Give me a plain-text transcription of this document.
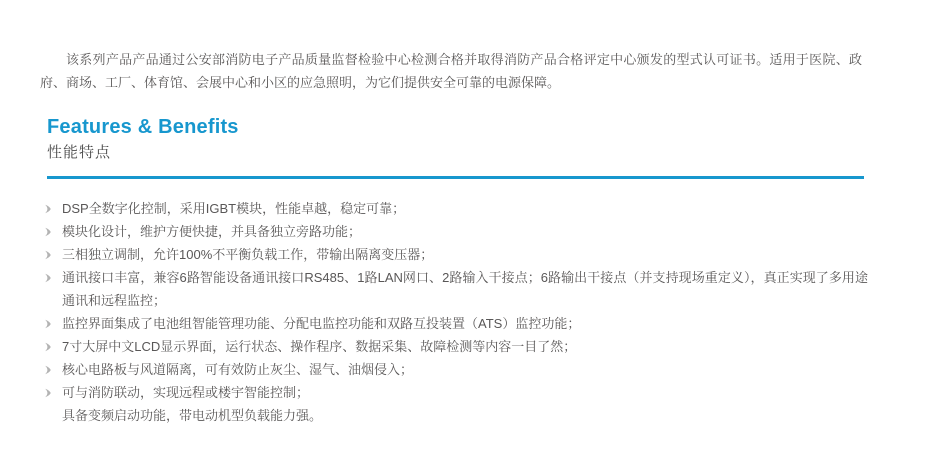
该系列产品产品通过公安部消防电子产品质量监督检验中心检测合格并取得消防产品合格评定中心颁发的型式认可证书。适用于医院、政府、商场、工厂、体育馆、会展中心和小区的应急照明，为它们提供安全可靠的电源保障。

Features & Benefits
性能特点
DSP全数字化控制，采用IGBT模块，性能卓越，稳定可靠；
模块化设计，维护方便快捷，并具备独立旁路功能；
三相独立调制，允许100%不平衡负载工作，带输出隔离变压器；
通讯接口丰富，兼容6路智能设备通讯接口RS485、1路LAN网口、2路输入干接点；6路输出干接点（并支持现场重定义），真正实现了多用途通讯和远程监控；
监控界面集成了电池组智能管理功能、分配电监控功能和双路互投装置（ATS）监控功能；
7寸大屏中文LCD显示界面，运行状态、操作程序、数据采集、故障检测等内容一目了然；
核心电路板与风道隔离，可有效防止灰尘、湿气、油烟侵入；
可与消防联动，实现远程或楼宇智能控制；
具备变频启动功能，带电动机型负载能力强。
